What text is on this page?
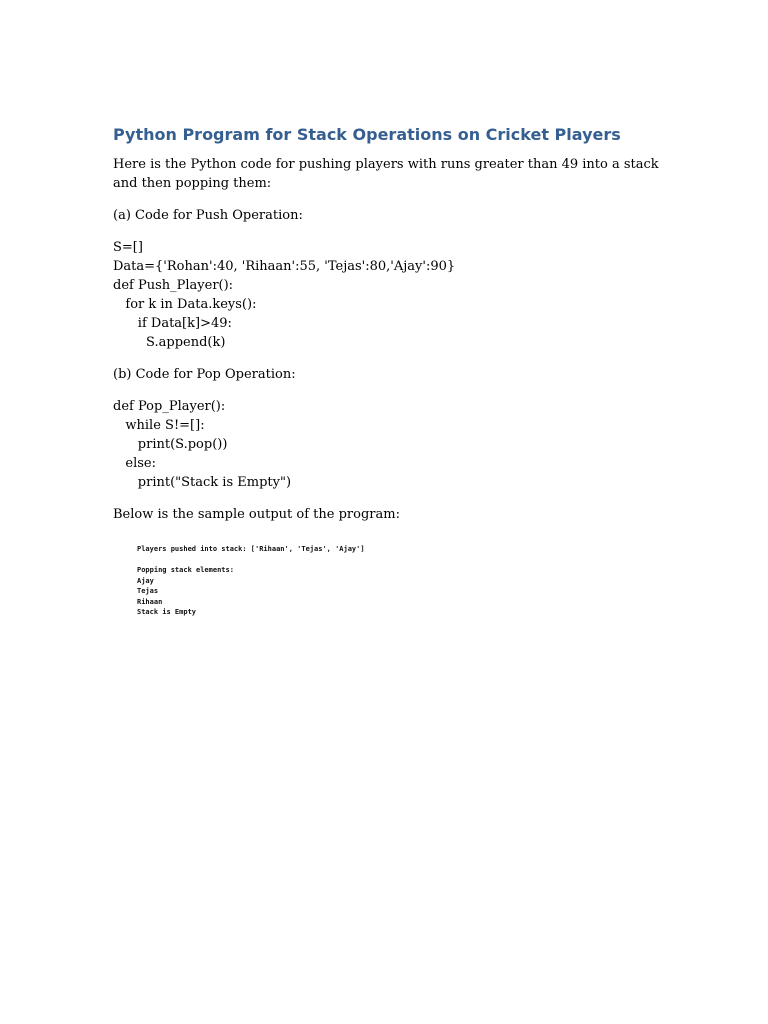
Python Program for Stack Operations on Cricket Players

Here is the Python code for pushing players with runs greater than 49 into a stack and then popping them:

(a) Code for Push Operation:

S=[]
Data={'Rohan':40, 'Rihaan':55, 'Tejas':80,'Ajay':90}
def Push_Player():
for k in Data.keys():
if Data[k]>49:
S.append(k)

(b) Code for Pop Operation:

def Pop_Player():
while S!=[]:
print(S.pop())
else:
print("Stack is Empty")

Below is the sample output of the program:

Players pushed into stack: ['Rihaan', 'Tejas', 'Ajay']
Popping stack elements:
Ajay
Tejas
Rihaan
Stack is Empty
